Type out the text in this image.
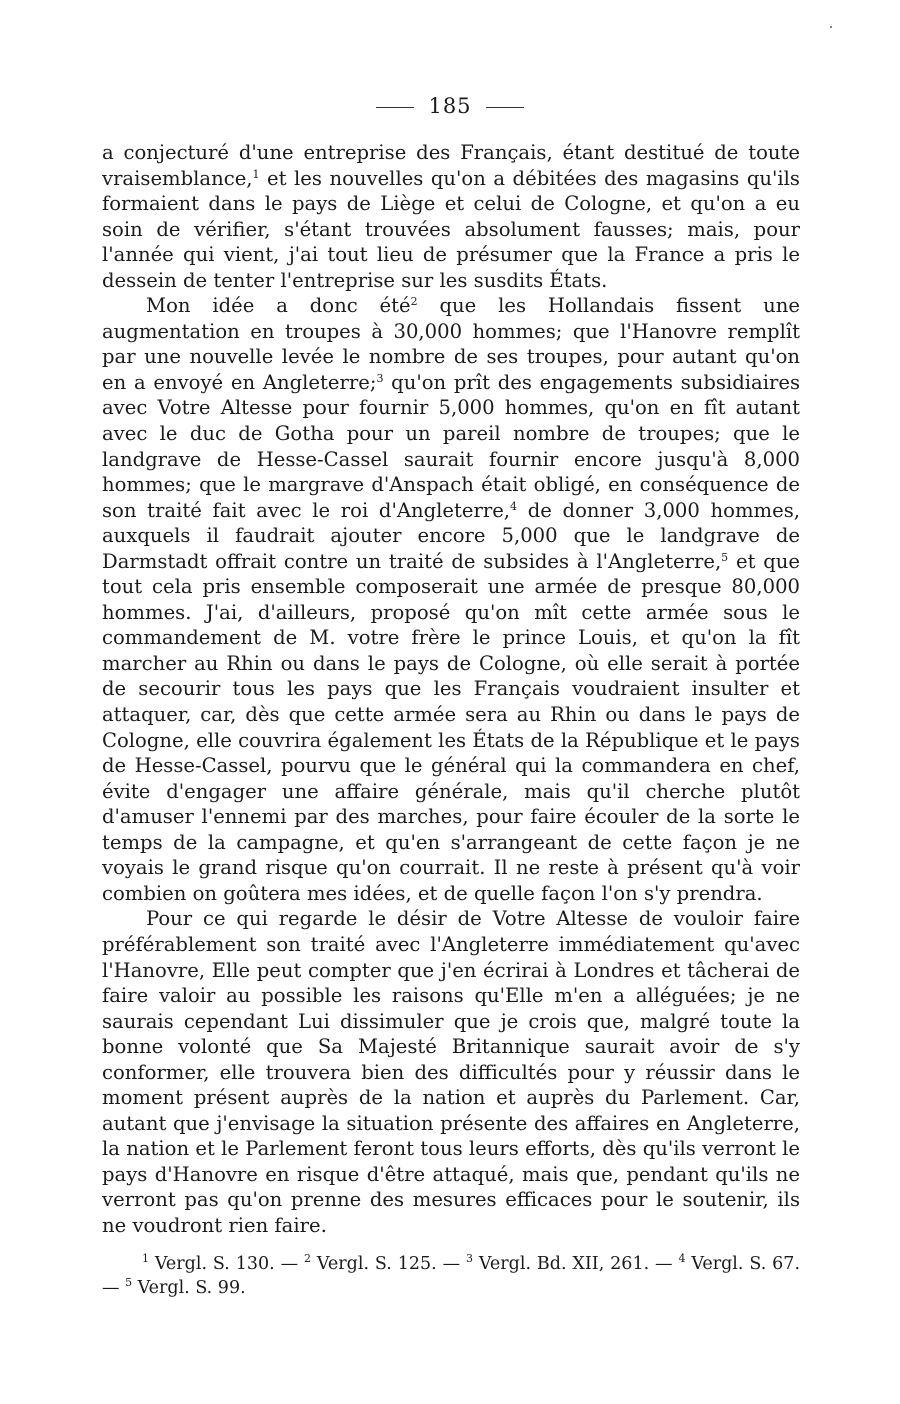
185

a conjecturé d'une entreprise des Français, étant destitué de toute vraisemblance,$^1$ et les nouvelles qu'on a débitées des magasins qu'ils formaient dans le pays de Liège et celui de Cologne, et qu'on a eu soin de vérifier, s'étant trouvées absolument fausses; mais, pour l'année qui vient, j'ai tout lieu de présumer que la France a pris le dessein de tenter l'entreprise sur les susdits États.

Mon idée a donc été$^2$ que les Hollandais fissent une augmentation en troupes à 30,000 hommes; que l'Hanovre remplît par une nouvelle levée le nombre de ses troupes, pour autant qu'on en a envoyé en Angleterre;$^3$ qu'on prît des engagements subsidiaires avec Votre Altesse pour fournir 5,000 hommes, qu'on en fît autant avec le duc de Gotha pour un pareil nombre de troupes; que le landgrave de Hesse-Cassel saurait fournir encore jusqu'à 8,000 hommes; que le margrave d'Anspach était obligé, en conséquence de son traité fait avec le roi d'Angleterre,$^4$ de donner 3,000 hommes, auxquels il faudrait ajouter encore 5,000 que le landgrave de Darmstadt offrait contre un traité de subsides à l'Angleterre,$^5$ et que tout cela pris ensemble composerait une armée de presque 80,000 hommes. J'ai, d'ailleurs, proposé qu'on mît cette armée sous le commandement de M. votre frère le prince Louis, et qu'on la fît marcher au Rhin ou dans le pays de Cologne, où elle serait à portée de secourir tous les pays que les Français voudraient insulter et attaquer, car, dès que cette armée sera au Rhin ou dans le pays de Cologne, elle couvrira également les États de la République et le pays de Hesse-Cassel, pourvu que le général qui la commandera en chef, évite d'engager une affaire générale, mais qu'il cherche plutôt d'amuser l'ennemi par des marches, pour faire écouler de la sorte le temps de la campagne, et qu'en s'arrangeant de cette façon je ne voyais le grand risque qu'on courrait. Il ne reste à présent qu'à voir combien on goûtera mes idées, et de quelle façon l'on s'y prendra.

Pour ce qui regarde le désir de Votre Altesse de vouloir faire préférablement son traité avec l'Angleterre immédiatement qu'avec l'Hanovre, Elle peut compter que j'en écrirai à Londres et tâcherai de faire valoir au possible les raisons qu'Elle m'en a alléguées; je ne saurais cependant Lui dissimuler que je crois que, malgré toute la bonne volonté que Sa Majesté Britannique saurait avoir de s'y conformer, elle trouvera bien des difficultés pour y réussir dans le moment présent auprès de la nation et auprès du Parlement. Car, autant que j'envisage la situation présente des affaires en Angleterre, la nation et le Parlement feront tous leurs efforts, dès qu'ils verront le pays d'Hanovre en risque d'être attaqué, mais que, pendant qu'ils ne verront pas qu'on prenne des mesures efficaces pour le soutenir, ils ne voudront rien faire.

$^1$ Vergl. S. 130. — $^2$ Vergl. S. 125. — $^3$ Vergl. Bd. XII, 261. — $^4$ Vergl. S. 67. — $^5$ Vergl. S. 99.
